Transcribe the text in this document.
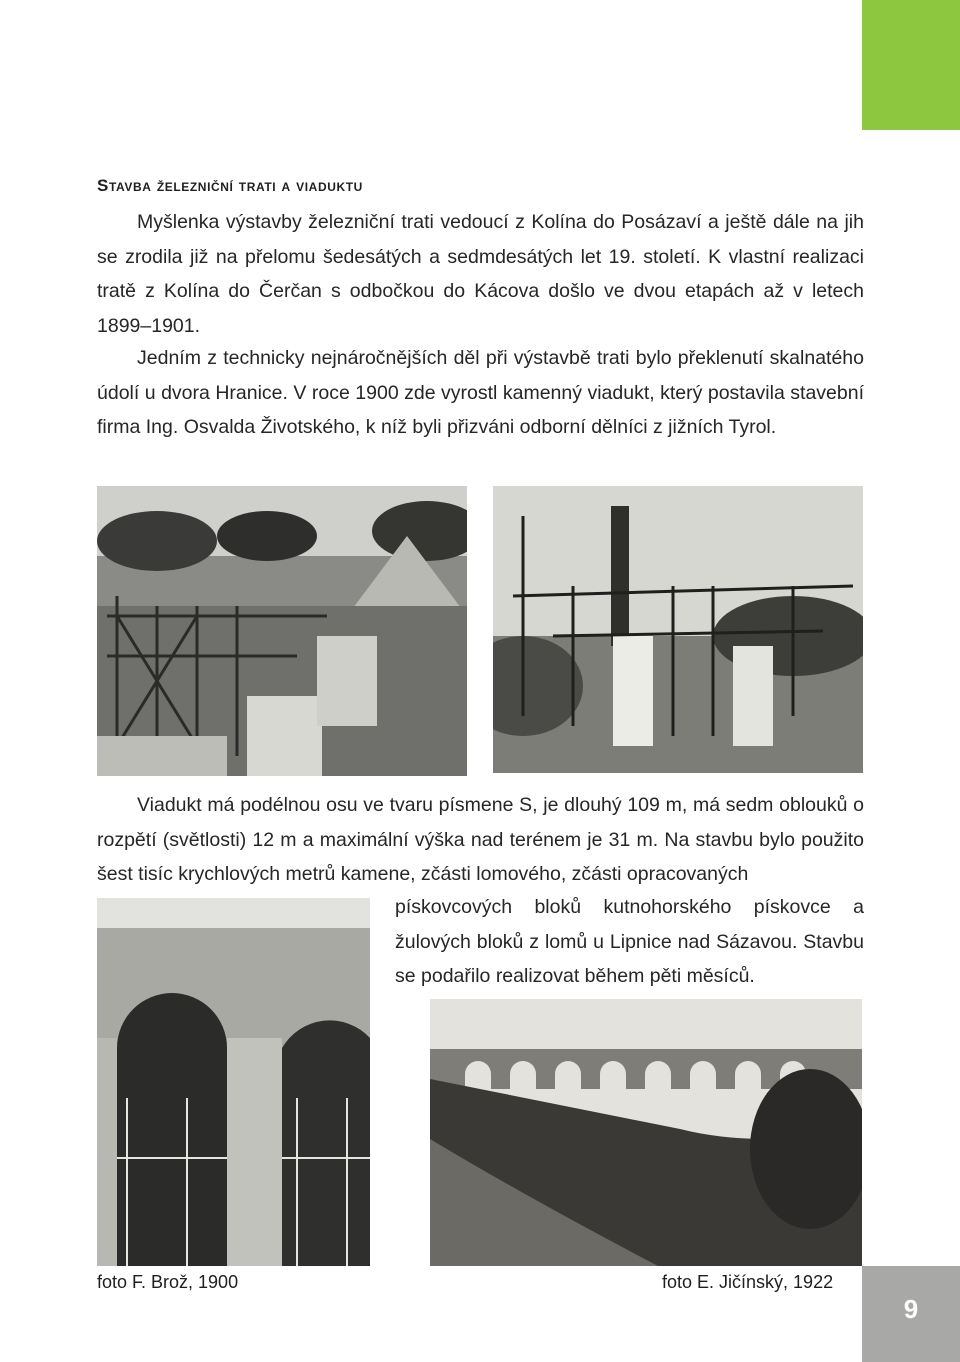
Stavba železniční trati a viaduktu

Myšlenka výstavby železniční trati vedoucí z Kolína do Posázaví a ještě dále na jih se zrodila již na přelomu šedesátých a sedmdesátých let 19. století. K vlastní realizaci tratě z Kolína do Čerčan s odbočkou do Kácova došlo ve dvou etapách až v letech 1899–1901.

Jedním z technicky nejnáročnějších děl při výstavbě trati bylo překlenutí skalnatého údolí u dvora Hranice. V roce 1900 zde vyrostl kamenný viadukt, který postavila stavební firma Ing. Osvalda Životského, k níž byli přizváni odborní dělníci z jižních Tyrol.

Viadukt má podélnou osu ve tvaru písmene S, je dlouhý 109 m, má sedm oblouků o rozpětí (světlosti) 12 m a maximální výška nad terénem je 31 m. Na stavbu bylo použito šest tisíc krychlových metrů kamene, zčásti lomového, zčásti opracovaných

pískovcových bloků kutnohorského pískovce a žulových bloků z lomů u Lipnice nad Sázavou. Stavbu se podařilo realizovat během pěti měsíců.

foto F. Brož, 1900	foto E. Jičínský, 1922
9
